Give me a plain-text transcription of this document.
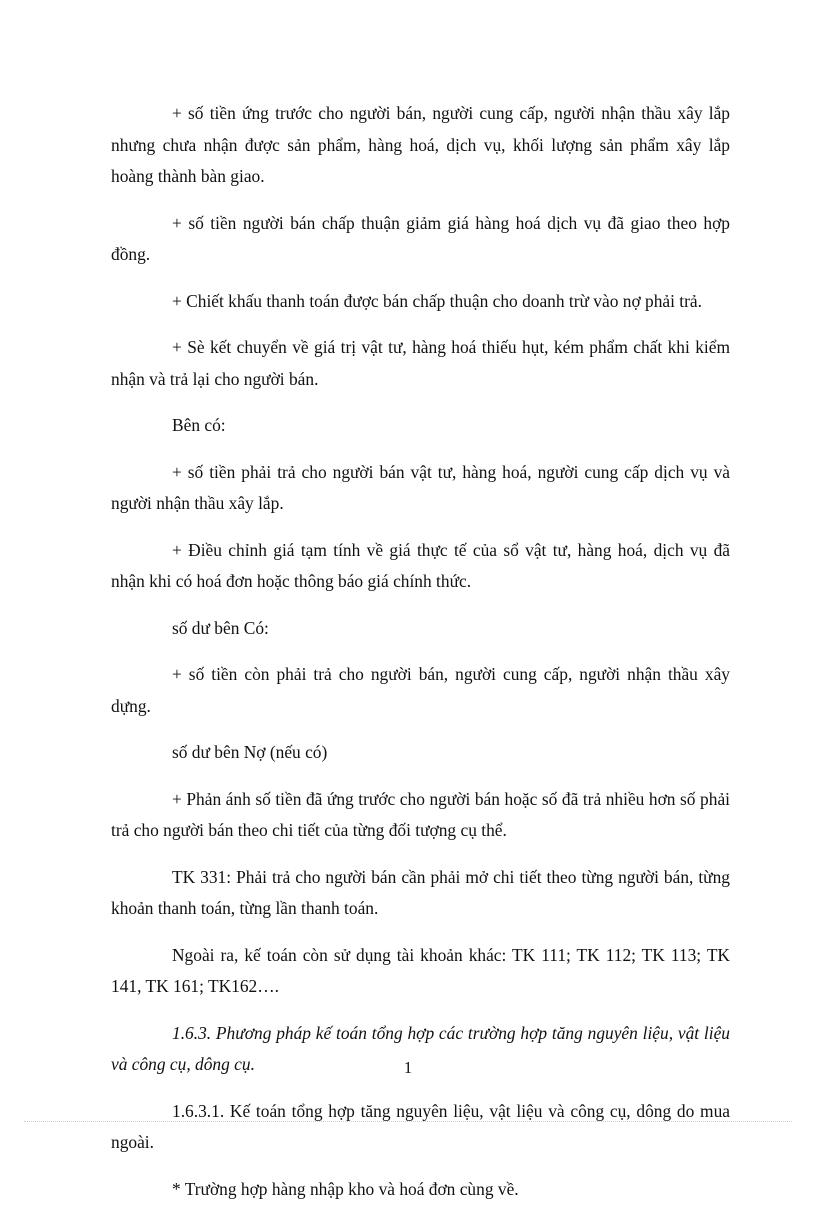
+ số tiền ứng trước cho người bán, người cung cấp, người nhận thầu xây lắp nhưng chưa nhận được sản phẩm, hàng hoá, dịch vụ, khối lượng sản phẩm xây lắp hoàng thành bàn giao.

+ số tiền người bán chấp thuận giảm giá hàng hoá dịch vụ đã giao theo hợp đồng.

+ Chiết khấu thanh toán được bán chấp thuận cho doanh trừ vào nợ phải trả.

+ Sè kết chuyển về giá trị vật tư, hàng hoá thiếu hụt, kém phẩm chất khi kiểm nhận và trả lại cho người bán.

Bên có:

+ số tiền phải trả cho người bán vật tư, hàng hoá, người cung cấp dịch vụ và người nhận thầu xây lắp.

+ Điều chỉnh giá tạm tính về giá thực tế của sổ vật tư, hàng hoá, dịch vụ đã nhận khi có hoá đơn hoặc thông báo giá chính thức.

số dư bên Có:

+ số tiền còn phải trả cho người bán, người cung cấp, người nhận thầu xây dựng.

số dư bên Nợ (nếu có)

+ Phản ánh số tiền đã ứng trước cho người bán hoặc số đã trả nhiều hơn số phải trả cho người bán theo chi tiết của từng đối tượng cụ thể.

TK 331: Phải trả cho người bán cần phải mở chi tiết theo từng người bán, từng khoản thanh toán, từng lần thanh toán.

Ngoài ra, kế toán còn sử dụng tài khoản khác: TK 111; TK 112; TK 113; TK 141, TK 161; TK162….

1.6.3. Phương pháp kế toán tổng hợp các trường hợp tăng nguyên liệu, vật liệu và công cụ, dông cụ.

1.6.3.1. Kế toán tổng hợp tăng nguyên liệu, vật liệu và công cụ, dông do mua ngoài.

* Trường hợp hàng nhập kho và hoá đơn cùng về.

1
